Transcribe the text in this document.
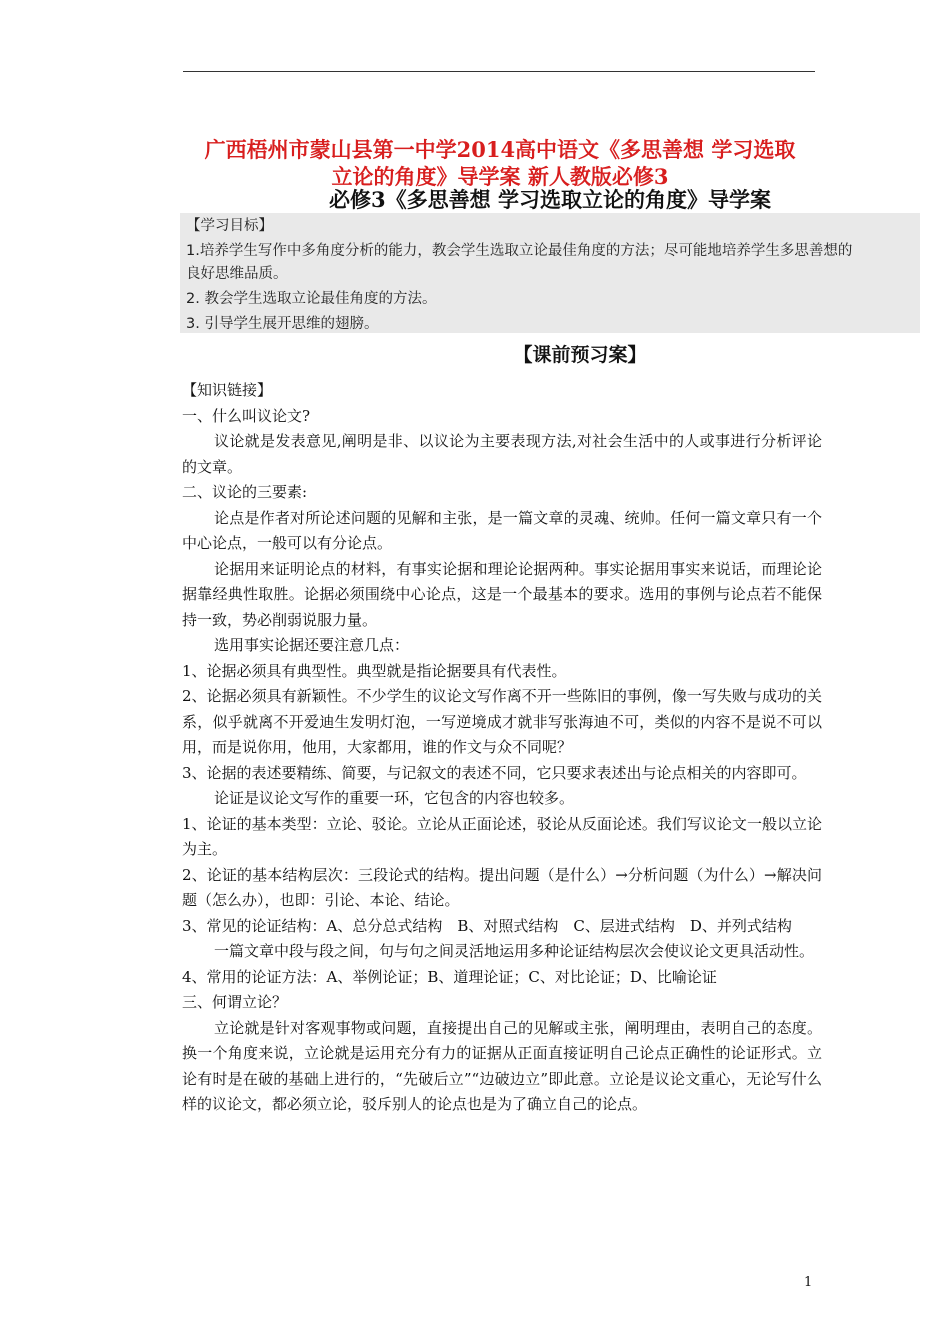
广西梧州市蒙山县第一中学2014高中语文《多思善想 学习选取
立论的角度》导学案 新人教版必修3
必修3《多思善想 学习选取立论的角度》导学案
【学习目标】
1.培养学生写作中多角度分析的能力，教会学生选取立论最佳角度的方法；尽可能地培养学生多思善想的
良好思维品质。
2. 教会学生选取立论最佳角度的方法。
3. 引导学生展开思维的翅膀。
【课前预习案】

【知识链接】

一、什么叫议论文?

议论就是发表意见,阐明是非、以议论为主要表现方法,对社会生活中的人或事进行分析评论的文章。

二、议论的三要素:

论点是作者对所论述问题的见解和主张，是一篇文章的灵魂、统帅。任何一篇文章只有一个中心论点，一般可以有分论点。

论据用来证明论点的材料，有事实论据和理论论据两种。事实论据用事实来说话，而理论论据靠经典性取胜。论据必须围绕中心论点，这是一个最基本的要求。选用的事例与论点若不能保持一致，势必削弱说服力量。

选用事实论据还要注意几点：

1、论据必须具有典型性。典型就是指论据要具有代表性。

2、论据必须具有新颖性。不少学生的议论文写作离不开一些陈旧的事例，像一写失败与成功的关系，似乎就离不开爱迪生发明灯泡，一写逆境成才就非写张海迪不可，类似的内容不是说不可以用，而是说你用，他用，大家都用，谁的作文与众不同呢？

3、论据的表述要精练、简要，与记叙文的表述不同，它只要求表述出与论点相关的内容即可。

论证是议论文写作的重要一环，它包含的内容也较多。

1、论证的基本类型：立论、驳论。立论从正面论述，驳论从反面论述。我们写议论文一般以立论为主。

2、论证的基本结构层次：三段论式的结构。提出问题（是什么）→分析问题（为什么）→解决问题（怎么办），也即：引论、本论、结论。

3、常见的论证结构：A、总分总式结构　B、对照式结构　C、层进式结构　D、并列式结构

一篇文章中段与段之间，句与句之间灵活地运用多种论证结构层次会使议论文更具活动性。

4、常用的论证方法：A、举例论证；B、道理论证；C、对比论证；D、比喻论证

三、何谓立论？

立论就是针对客观事物或问题，直接提出自己的见解或主张，阐明理由，表明自己的态度。换一个角度来说，立论就是运用充分有力的证据从正面直接证明自己论点正确性的论证形式。立论有时是在破的基础上进行的，“先破后立”“边破边立”即此意。立论是议论文重心，无论写什么样的议论文，都必须立论，驳斥别人的论点也是为了确立自己的论点。

1
